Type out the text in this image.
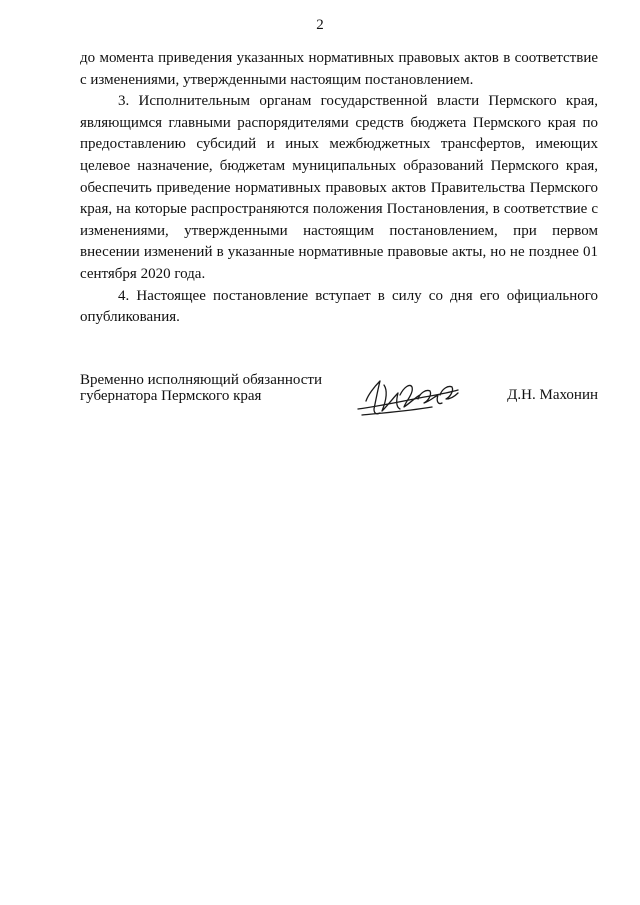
2

до момента приведения указанных нормативных правовых актов в соответствие с изменениями, утвержденными настоящим постановлением.

3. Исполнительным органам государственной власти Пермского края, являющимся главными распорядителями средств бюджета Пермского края по предоставлению субсидий и иных межбюджетных трансфертов, имеющих целевое назначение, бюджетам муниципальных образований Пермского края, обеспечить приведение нормативных правовых актов Правительства Пермского края, на которые распространяются положения Постановления, в соответствие с изменениями, утвержденными настоящим постановлением, при первом внесении изменений в указанные нормативные правовые акты, но не позднее 01 сентября 2020 года.

4. Настоящее постановление вступает в силу со дня его официального опубликования.

Временно исполняющий обязанности
губернатора Пермского края	Д.Н. Махонин
